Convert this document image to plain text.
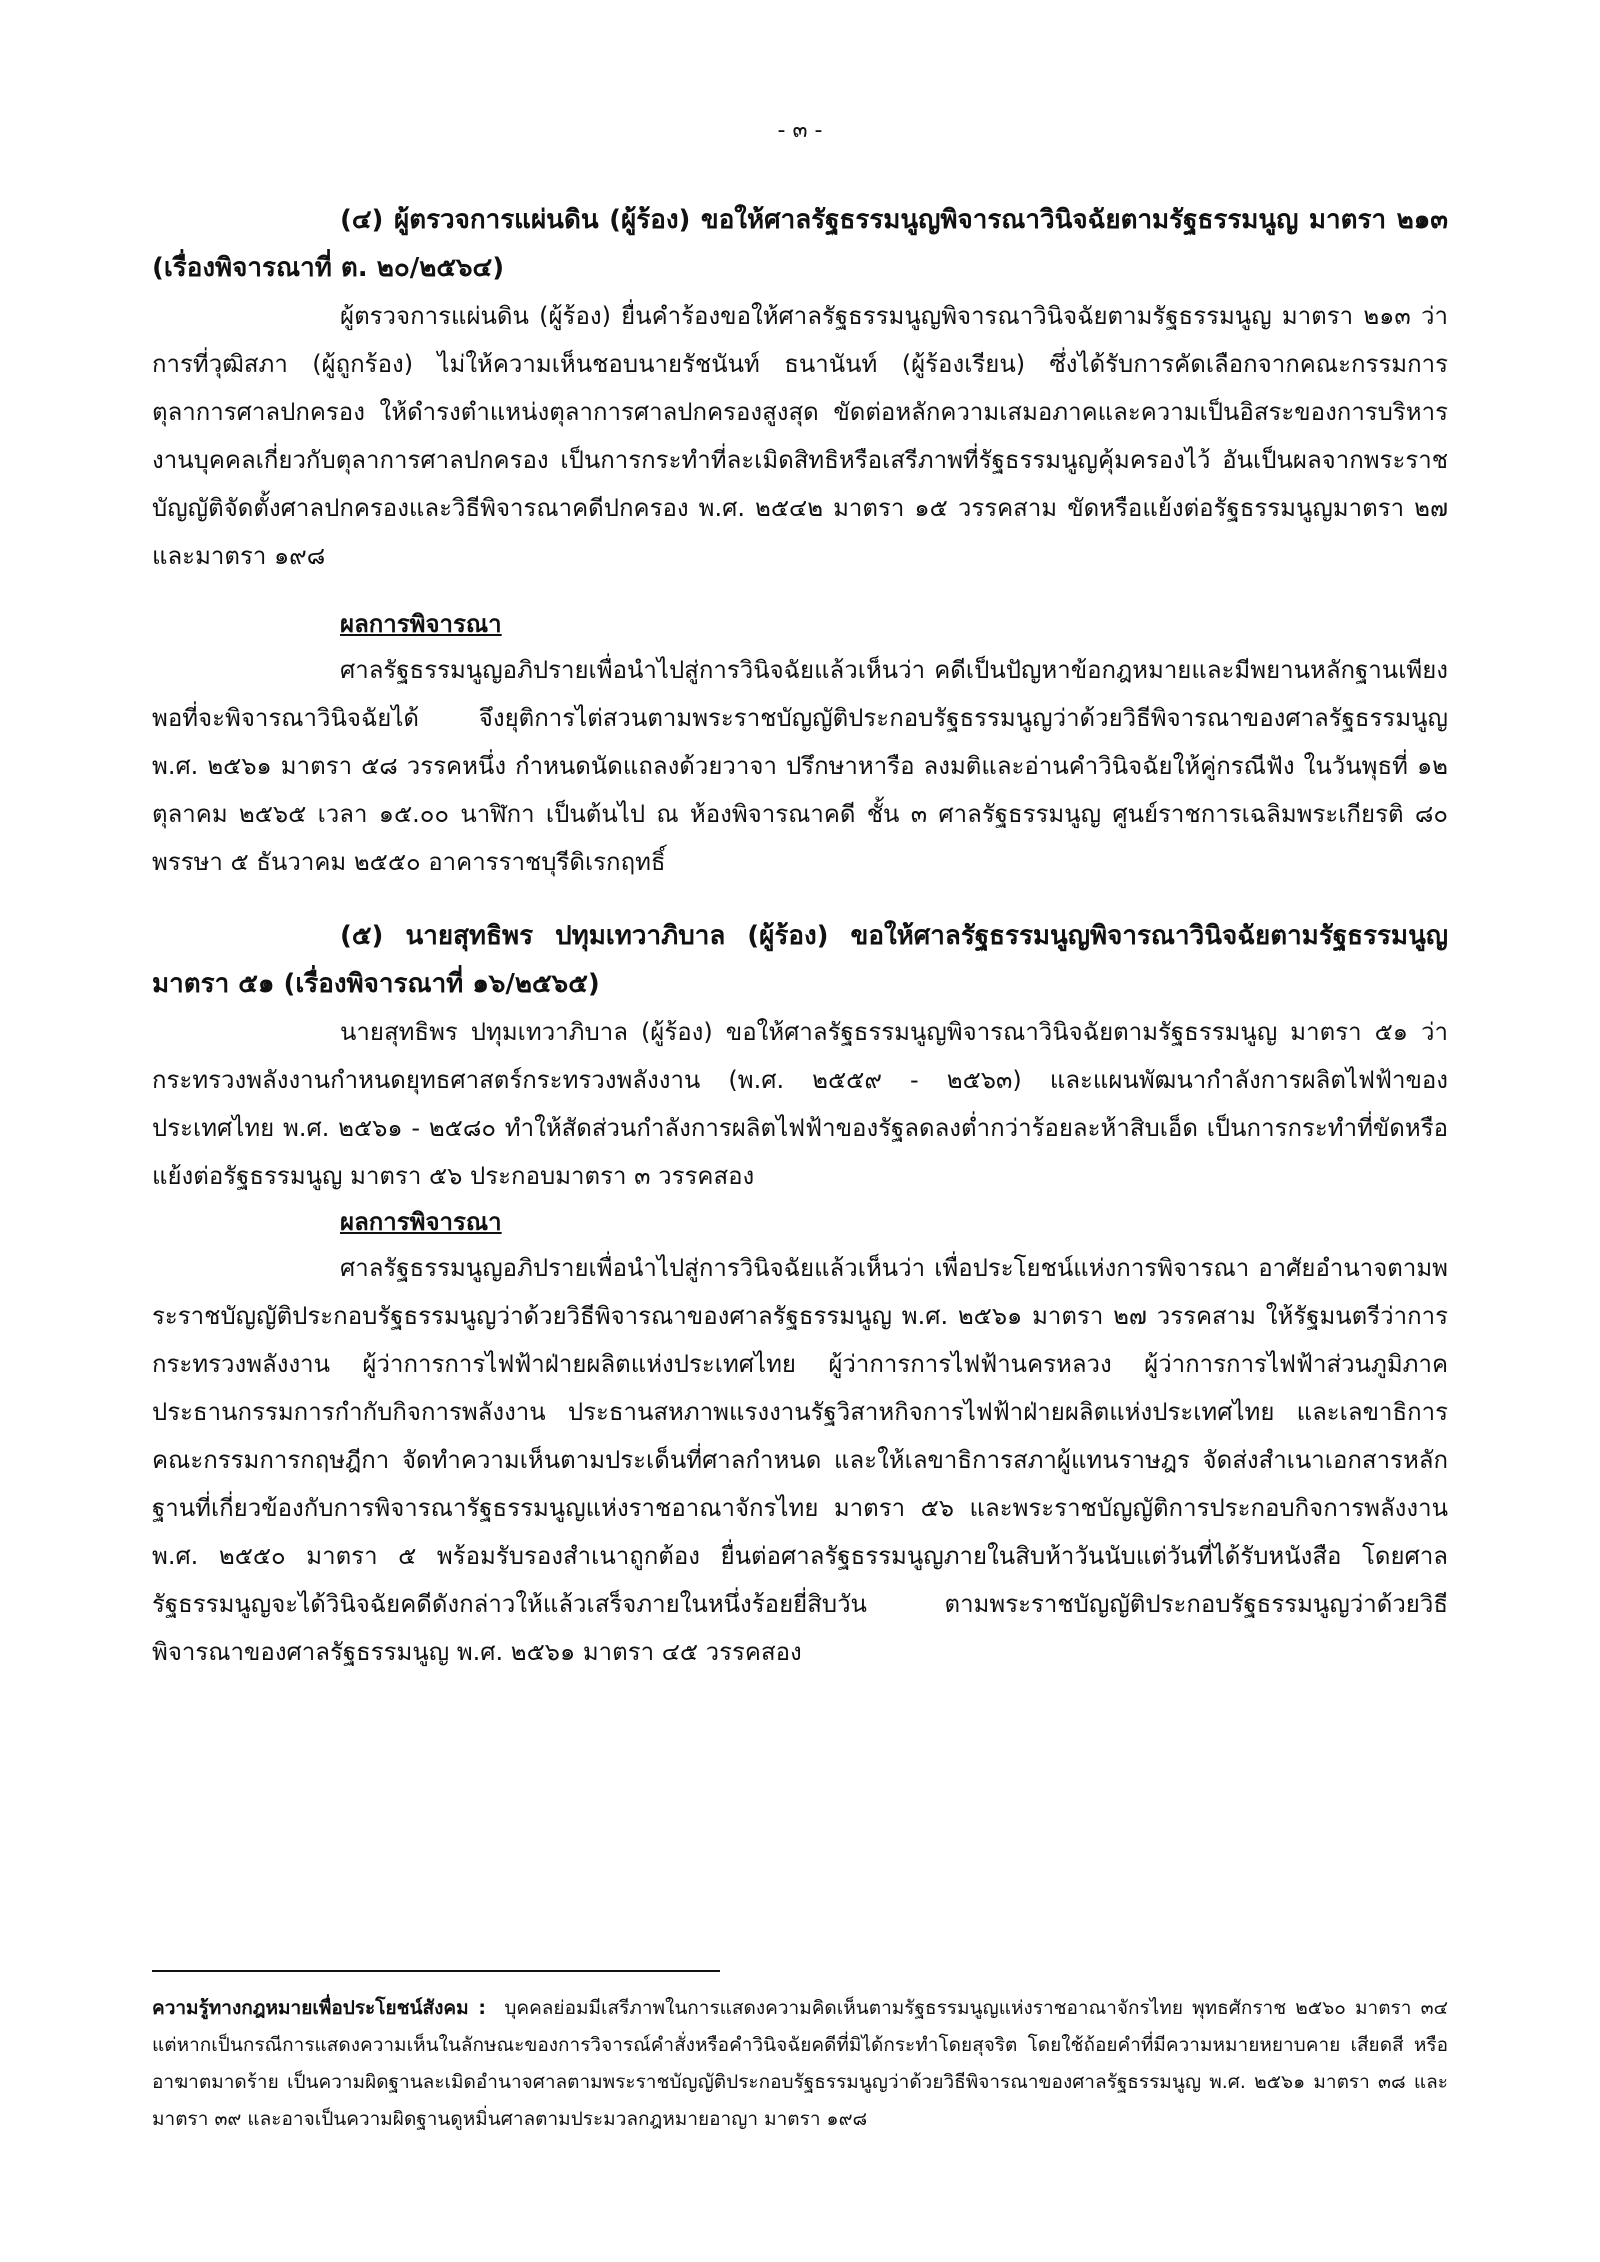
- ๓ -

(๔) ผู้ตรวจการแผ่นดิน (ผู้ร้อง) ขอให้ศาลรัฐธรรมนูญพิจารณาวินิจฉัยตามรัฐธรรมนูญ มาตรา ๒๑๓ (เรื่องพิจารณาที่ ต. ๒๐/๒๕๖๔)

ผู้ตรวจการแผ่นดิน (ผู้ร้อง) ยื่นคำร้องขอให้ศาลรัฐธรรมนูญพิจารณาวินิจฉัยตามรัฐธรรมนูญ มาตรา ๒๑๓ ว่า การที่วุฒิสภา (ผู้ถูกร้อง) ไม่ให้ความเห็นชอบนายรัชนันท์ ธนานันท์ (ผู้ร้องเรียน) ซึ่งได้รับการคัดเลือกจากคณะกรรมการตุลาการศาลปกครอง ให้ดำรงตำแหน่งตุลาการศาลปกครองสูงสุด ขัดต่อหลักความเสมอภาคและความเป็นอิสระของการบริหารงานบุคคลเกี่ยวกับตุลาการศาลปกครอง เป็นการกระทำที่ละเมิดสิทธิหรือเสรีภาพที่รัฐธรรมนูญคุ้มครองไว้ อันเป็นผลจากพระราชบัญญัติจัดตั้งศาลปกครองและวิธีพิจารณาคดีปกครอง พ.ศ. ๒๕๔๒ มาตรา ๑๕ วรรคสาม ขัดหรือแย้งต่อรัฐธรรมนูญมาตรา ๒๗ และมาตรา ๑๙๘

ผลการพิจารณา

ศาลรัฐธรรมนูญอภิปรายเพื่อนำไปสู่การวินิจฉัยแล้วเห็นว่า คดีเป็นปัญหาข้อกฎหมายและมีพยานหลักฐานเพียงพอที่จะพิจารณาวินิจฉัยได้ จึงยุติการไต่สวนตามพระราชบัญญัติประกอบรัฐธรรมนูญว่าด้วยวิธีพิจารณาของศาลรัฐธรรมนูญ พ.ศ. ๒๕๖๑ มาตรา ๕๘ วรรคหนึ่ง กำหนดนัดแถลงด้วยวาจา ปรึกษาหารือ ลงมติและอ่านคำวินิจฉัยให้คู่กรณีฟัง ในวันพุธที่ ๑๒ ตุลาคม ๒๕๖๕ เวลา ๑๕.๐๐ นาฬิกา เป็นต้นไป ณ ห้องพิจารณาคดี ชั้น ๓ ศาลรัฐธรรมนูญ ศูนย์ราชการเฉลิมพระเกียรติ ๘๐ พรรษา ๕ ธันวาคม ๒๕๕๐ อาคารราชบุรีดิเรกฤทธิ์

(๕) นายสุทธิพร ปทุมเทวาภิบาล (ผู้ร้อง) ขอให้ศาลรัฐธรรมนูญพิจารณาวินิจฉัยตามรัฐธรรมนูญ มาตรา ๕๑ (เรื่องพิจารณาที่ ๑๖/๒๕๖๕)

นายสุทธิพร ปทุมเทวาภิบาล (ผู้ร้อง) ขอให้ศาลรัฐธรรมนูญพิจารณาวินิจฉัยตามรัฐธรรมนูญ มาตรา ๕๑ ว่า กระทรวงพลังงานกำหนดยุทธศาสตร์กระทรวงพลังงาน (พ.ศ. ๒๕๕๙ - ๒๕๖๓) และแผนพัฒนากำลังการผลิตไฟฟ้าของประเทศไทย พ.ศ. ๒๕๖๑ - ๒๕๘๐ ทำให้สัดส่วนกำลังการผลิตไฟฟ้าของรัฐลดลงต่ำกว่าร้อยละห้าสิบเอ็ด เป็นการกระทำที่ขัดหรือแย้งต่อรัฐธรรมนูญ มาตรา ๕๖ ประกอบมาตรา ๓ วรรคสอง

ผลการพิจารณา

ศาลรัฐธรรมนูญอภิปรายเพื่อนำไปสู่การวินิจฉัยแล้วเห็นว่า เพื่อประโยชน์แห่งการพิจารณา อาศัยอำนาจตามพระราชบัญญัติประกอบรัฐธรรมนูญว่าด้วยวิธีพิจารณาของศาลรัฐธรรมนูญ พ.ศ. ๒๕๖๑ มาตรา ๒๗ วรรคสาม ให้รัฐมนตรีว่าการกระทรวงพลังงาน ผู้ว่าการการไฟฟ้าฝ่ายผลิตแห่งประเทศไทย ผู้ว่าการการไฟฟ้านครหลวง ผู้ว่าการการไฟฟ้าส่วนภูมิภาค ประธานกรรมการกำกับกิจการพลังงาน ประธานสหภาพแรงงานรัฐวิสาหกิจการไฟฟ้าฝ่ายผลิตแห่งประเทศไทย และเลขาธิการคณะกรรมการกฤษฎีกา จัดทำความเห็นตามประเด็นที่ศาลกำหนด และให้เลขาธิการสภาผู้แทนราษฎร จัดส่งสำเนาเอกสารหลักฐานที่เกี่ยวข้องกับการพิจารณารัฐธรรมนูญแห่งราชอาณาจักรไทย มาตรา ๕๖ และพระราชบัญญัติการประกอบกิจการพลังงาน พ.ศ. ๒๕๕๐ มาตรา ๕ พร้อมรับรองสำเนาถูกต้อง ยื่นต่อศาลรัฐธรรมนูญภายในสิบห้าวันนับแต่วันที่ได้รับหนังสือ โดยศาลรัฐธรรมนูญจะได้วินิจฉัยคดีดังกล่าวให้แล้วเสร็จภายในหนึ่งร้อยยี่สิบวัน ตามพระราชบัญญัติประกอบรัฐธรรมนูญว่าด้วยวิธีพิจารณาของศาลรัฐธรรมนูญ พ.ศ. ๒๕๖๑ มาตรา ๔๕ วรรคสอง

ความรู้ทางกฎหมายเพื่อประโยชน์สังคม : บุคคลย่อมมีเสรีภาพในการแสดงความคิดเห็นตามรัฐธรรมนูญแห่งราชอาณาจักรไทย พุทธศักราช ๒๕๖๐ มาตรา ๓๔ แต่หากเป็นกรณีการแสดงความเห็นในลักษณะของการวิจารณ์คำสั่งหรือคำวินิจฉัยคดีที่มิได้กระทำโดยสุจริต โดยใช้ถ้อยคำที่มีความหมายหยาบคาย เสียดสี หรืออาฆาตมาดร้าย เป็นความผิดฐานละเมิดอำนาจศาลตามพระราชบัญญัติประกอบรัฐธรรมนูญว่าด้วยวิธีพิจารณาของศาลรัฐธรรมนูญ พ.ศ. ๒๕๖๑ มาตรา ๓๘ และมาตรา ๓๙ และอาจเป็นความผิดฐานดูหมิ่นศาลตามประมวลกฎหมายอาญา มาตรา ๑๙๘
